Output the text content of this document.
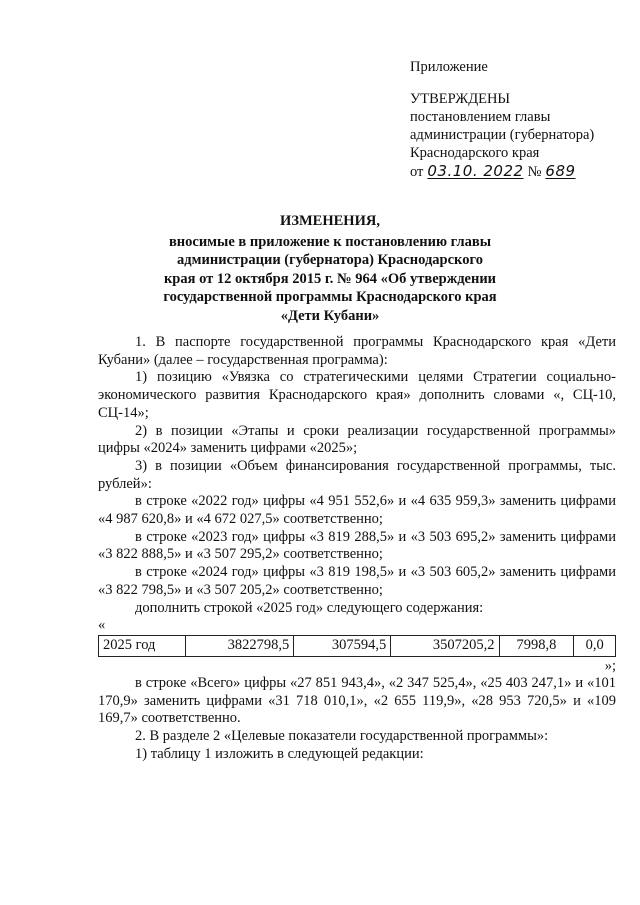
Приложение
УТВЕРЖДЕНЫ
постановлением главы
администрации (губернатора)
Краснодарского края
от 03.10. 2022 № 689
ИЗМЕНЕНИЯ,
вносимые в приложение к постановлению главы
администрации (губернатора) Краснодарского
края от 12 октября 2015 г. № 964 «Об утверждении
государственной программы Краснодарского края
«Дети Кубани»

1. В паспорте государственной программы Краснодарского края «Дети Кубани» (далее – государственная программа):

1) позицию «Увязка со стратегическими целями Стратегии социально-экономического развития Краснодарского края» дополнить словами «, СЦ-10, СЦ-14»;

2) в позиции «Этапы и сроки реализации государственной программы» цифры «2024» заменить цифрами «2025»;

3) в позиции «Объем финансирования государственной программы, тыс. рублей»:

в строке «2022 год» цифры «4 951 552,6» и «4 635 959,3» заменить цифрами «4 987 620,8» и «4 672 027,5» соответственно;

в строке «2023 год» цифры «3 819 288,5» и «3 503 695,2» заменить цифрами «3 822 888,5» и «3 507 295,2» соответственно;

в строке «2024 год» цифры «3 819 198,5» и «3 503 605,2» заменить цифрами «3 822 798,5» и «3 507 205,2» соответственно;

дополнить строкой «2025 год» следующего содержания:

«
2025 год	3822798,5	307594,5	3507205,2	7998,8	0,0
»;

в строке «Всего» цифры «27 851 943,4», «2 347 525,4», «25 403 247,1» и «101 170,9» заменить цифрами «31 718 010,1», «2 655 119,9», «28 953 720,5» и «109 169,7» соответственно.

2. В разделе 2 «Целевые показатели государственной программы»:

1) таблицу 1 изложить в следующей редакции:
